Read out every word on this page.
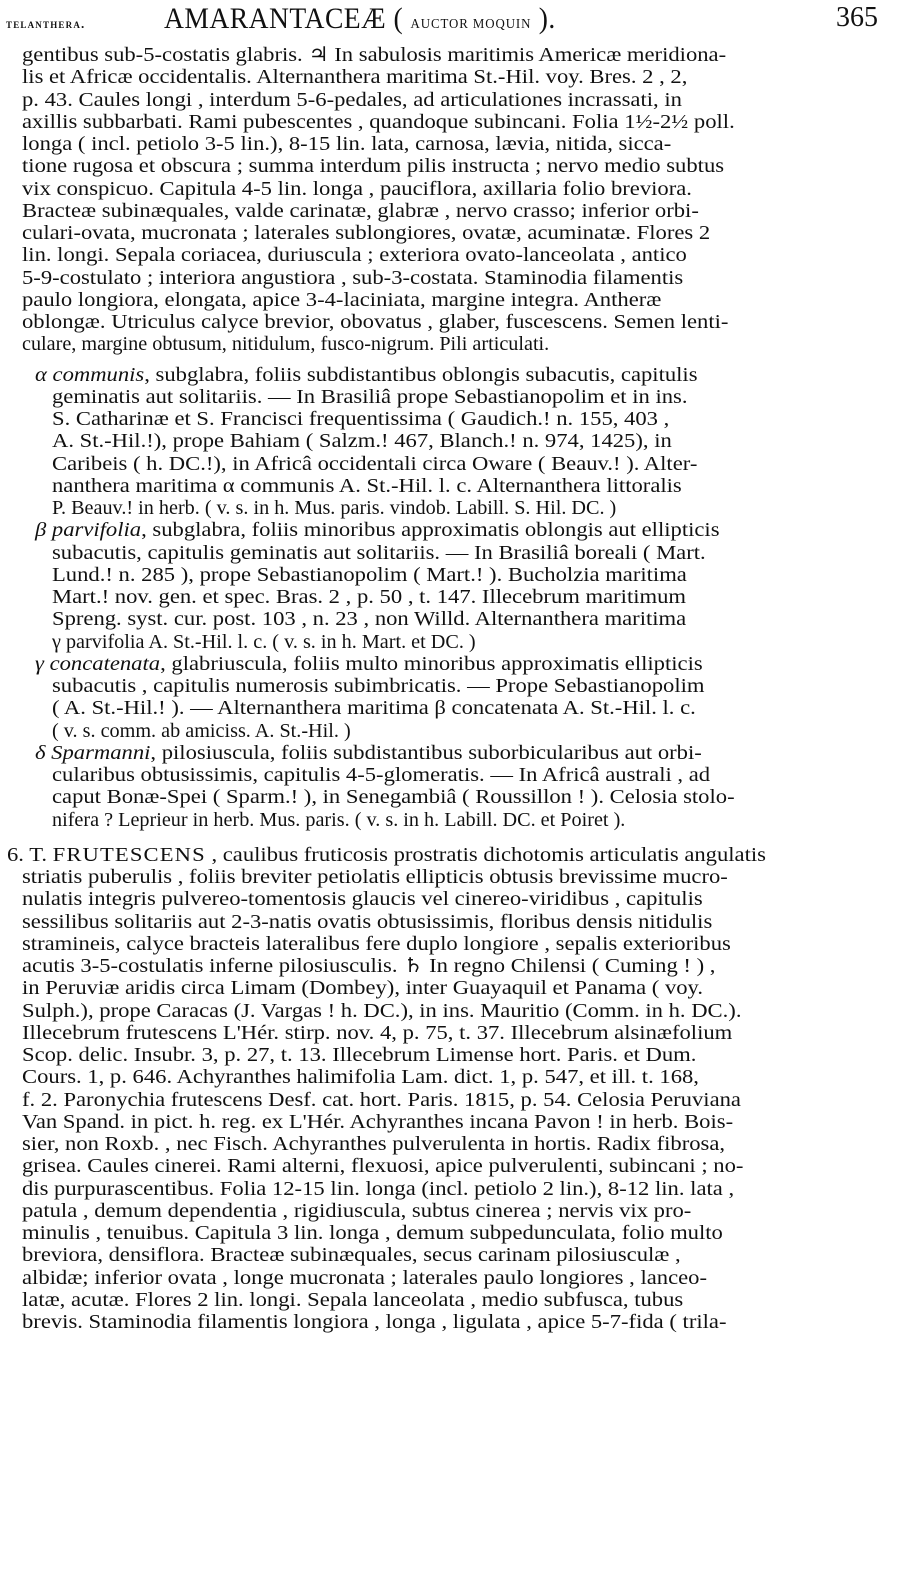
telanthera.	AMARANTACEÆ ( AUCTOR MOQUIN ).	365
gentibus sub-5-costatis glabris. ♃ In sabulosis maritimis Americæ meridiona-
lis et Africæ occidentalis. Alternanthera maritima St.-Hil. voy. Bres. 2 , 2,
p. 43. Caules longi , interdum 5-6-pedales, ad articulationes incrassati, in
axillis subbarbati. Rami pubescentes , quandoque subincani. Folia 1½-2½ poll.
longa ( incl. petiolo 3-5 lin.), 8-15 lin. lata, carnosa, lævia, nitida, sicca-
tione rugosa et obscura ; summa interdum pilis instructa ; nervo medio subtus
vix conspicuo. Capitula 4-5 lin. longa , pauciflora, axillaria folio breviora.
Bracteæ subinæquales, valde carinatæ, glabræ , nervo crasso; inferior orbi-
culari-ovata, mucronata ; laterales sublongiores, ovatæ, acuminatæ. Flores 2
lin. longi. Sepala coriacea, duriuscula ; exteriora ovato-lanceolata , antico
5-9-costulato ; interiora angustiora , sub-3-costata. Staminodia filamentis
paulo longiora, elongata, apice 3-4-laciniata, margine integra. Antheræ
oblongæ. Utriculus calyce brevior, obovatus , glaber, fuscescens. Semen lenti-
culare, margine obtusum, nitidulum, fusco-nigrum. Pili articulati.
α communis, subglabra, foliis subdistantibus oblongis subacutis, capitulis
geminatis aut solitariis. — In Brasiliâ prope Sebastianopolim et in ins.
S. Catharinæ et S. Francisci frequentissima ( Gaudich.! n. 155, 403 ,
A. St.-Hil.!), prope Bahiam ( Salzm.! 467, Blanch.! n. 974, 1425), in
Caribeis ( h. DC.!), in Africâ occidentali circa Oware ( Beauv.! ). Alter-
nanthera maritima α communis A. St.-Hil. l. c. Alternanthera littoralis
P. Beauv.! in herb. ( v. s. in h. Mus. paris. vindob. Labill. S. Hil. DC. )
β parvifolia, subglabra, foliis minoribus approximatis oblongis aut ellipticis
subacutis, capitulis geminatis aut solitariis. — In Brasiliâ boreali ( Mart.
Lund.! n. 285 ), prope Sebastianopolim ( Mart.! ). Bucholzia maritima
Mart.! nov. gen. et spec. Bras. 2 , p. 50 , t. 147. Illecebrum maritimum
Spreng. syst. cur. post. 103 , n. 23 , non Willd. Alternanthera maritima
γ parvifolia A. St.-Hil. l. c. ( v. s. in h. Mart. et DC. )
γ concatenata, glabriuscula, foliis multo minoribus approximatis ellipticis
subacutis , capitulis numerosis subimbricatis. — Prope Sebastianopolim
( A. St.-Hil.! ). — Alternanthera maritima β concatenata A. St.-Hil. l. c.
( v. s. comm. ab amiciss. A. St.-Hil. )
δ Sparmanni, pilosiuscula, foliis subdistantibus suborbicularibus aut orbi-
cularibus obtusissimis, capitulis 4-5-glomeratis. — In Africâ australi , ad
caput Bonæ-Spei ( Sparm.! ), in Senegambiâ ( Roussillon ! ). Celosia stolo-
nifera ? Leprieur in herb. Mus. paris. ( v. s. in h. Labill. DC. et Poiret ).
6. T. FRUTESCENS , caulibus fruticosis prostratis dichotomis articulatis angulatis
striatis puberulis , foliis breviter petiolatis ellipticis obtusis brevissime mucro-
nulatis integris pulvereo-tomentosis glaucis vel cinereo-viridibus , capitulis
sessilibus solitariis aut 2-3-natis ovatis obtusissimis, floribus densis nitidulis
stramineis, calyce bracteis lateralibus fere duplo longiore , sepalis exterioribus
acutis 3-5-costulatis inferne pilosiusculis. ♄ In regno Chilensi ( Cuming ! ) ,
in Peruviæ aridis circa Limam (Dombey), inter Guayaquil et Panama ( voy.
Sulph.), prope Caracas (J. Vargas ! h. DC.), in ins. Mauritio (Comm. in h. DC.).
Illecebrum frutescens L'Hér. stirp. nov. 4, p. 75, t. 37. Illecebrum alsinæfolium
Scop. delic. Insubr. 3, p. 27, t. 13. Illecebrum Limense hort. Paris. et Dum.
Cours. 1, p. 646. Achyranthes halimifolia Lam. dict. 1, p. 547, et ill. t. 168,
f. 2. Paronychia frutescens Desf. cat. hort. Paris. 1815, p. 54. Celosia Peruviana
Van Spand. in pict. h. reg. ex L'Hér. Achyranthes incana Pavon ! in herb. Bois-
sier, non Roxb. , nec Fisch. Achyranthes pulverulenta in hortis. Radix fibrosa,
grisea. Caules cinerei. Rami alterni, flexuosi, apice pulverulenti, subincani ; no-
dis purpurascentibus. Folia 12-15 lin. longa (incl. petiolo 2 lin.), 8-12 lin. lata ,
patula , demum dependentia , rigidiuscula, subtus cinerea ; nervis vix pro-
minulis , tenuibus. Capitula 3 lin. longa , demum subpedunculata, folio multo
breviora, densiflora. Bracteæ subinæquales, secus carinam pilosiusculæ ,
albidæ; inferior ovata , longe mucronata ; laterales paulo longiores , lanceo-
latæ, acutæ. Flores 2 lin. longi. Sepala lanceolata , medio subfusca, tubus
brevis. Staminodia filamentis longiora , longa , ligulata , apice 5-7-fida ( trila-
